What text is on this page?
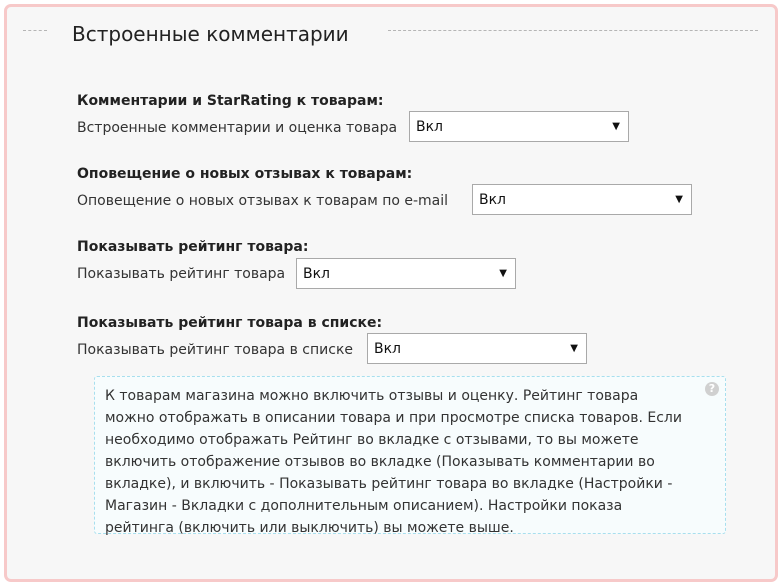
Встроенные комментарии
Комментарии и StarRating к товарам:
Встроенные комментарии и оценка товара Вкл	▼
Оповещение о новых отзывах к товарам:
Оповещение о новых отзывах к товарам по e-mail Вкл	▼
Показывать рейтинг товара:
Показывать рейтинг товара Вкл	▼
Показывать рейтинг товара в списке:
Показывать рейтинг товара в списке Вкл	▼
К товарам магазина можно включить отзывы и оценку. Рейтинг товара
можно отображать в описании товара и при просмотре списка товаров. Если
необходимо отображать Рейтинг во вкладке с отзывами, то вы можете
включить отображение отзывов во вкладке (Показывать комментарии во
вкладке), и включить - Показывать рейтинг товара во вкладке (Настройки -
Магазин - Вкладки с дополнительным описанием). Настройки показа
рейтинга (включить или выключить) вы можете выше.
?
